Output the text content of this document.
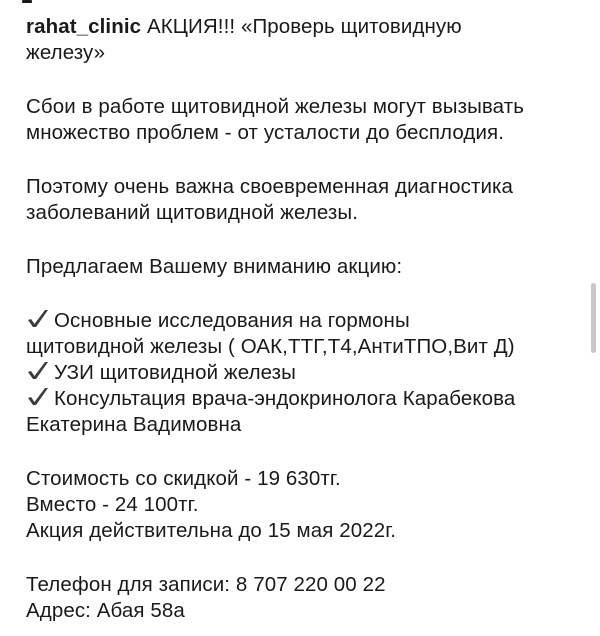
rahat_clinic АКЦИЯ!!! «Проверь щитовидную
железу»
Сбои в работе щитовидной железы могут вызывать
множество проблем - от усталости до бесплодия.
Поэтому очень важна своевременная диагностика
заболеваний щитовидной железы.
Предлагаем Вашему вниманию акцию:
Основные исследования на гормоны
щитовидной железы ( ОАК,ТТГ,Т4,АнтиТПО,Вит Д)
УЗИ щитовидной железы
Консультация врача-эндокринолога Карабекова
Екатерина Вадимовна
Стоимость со скидкой - 19 630тг.
Вместо - 24 100тг.
Акция действительна до 15 мая 2022г.
Телефон для записи: 8 707 220 00 22
Адрес: Абая 58а
